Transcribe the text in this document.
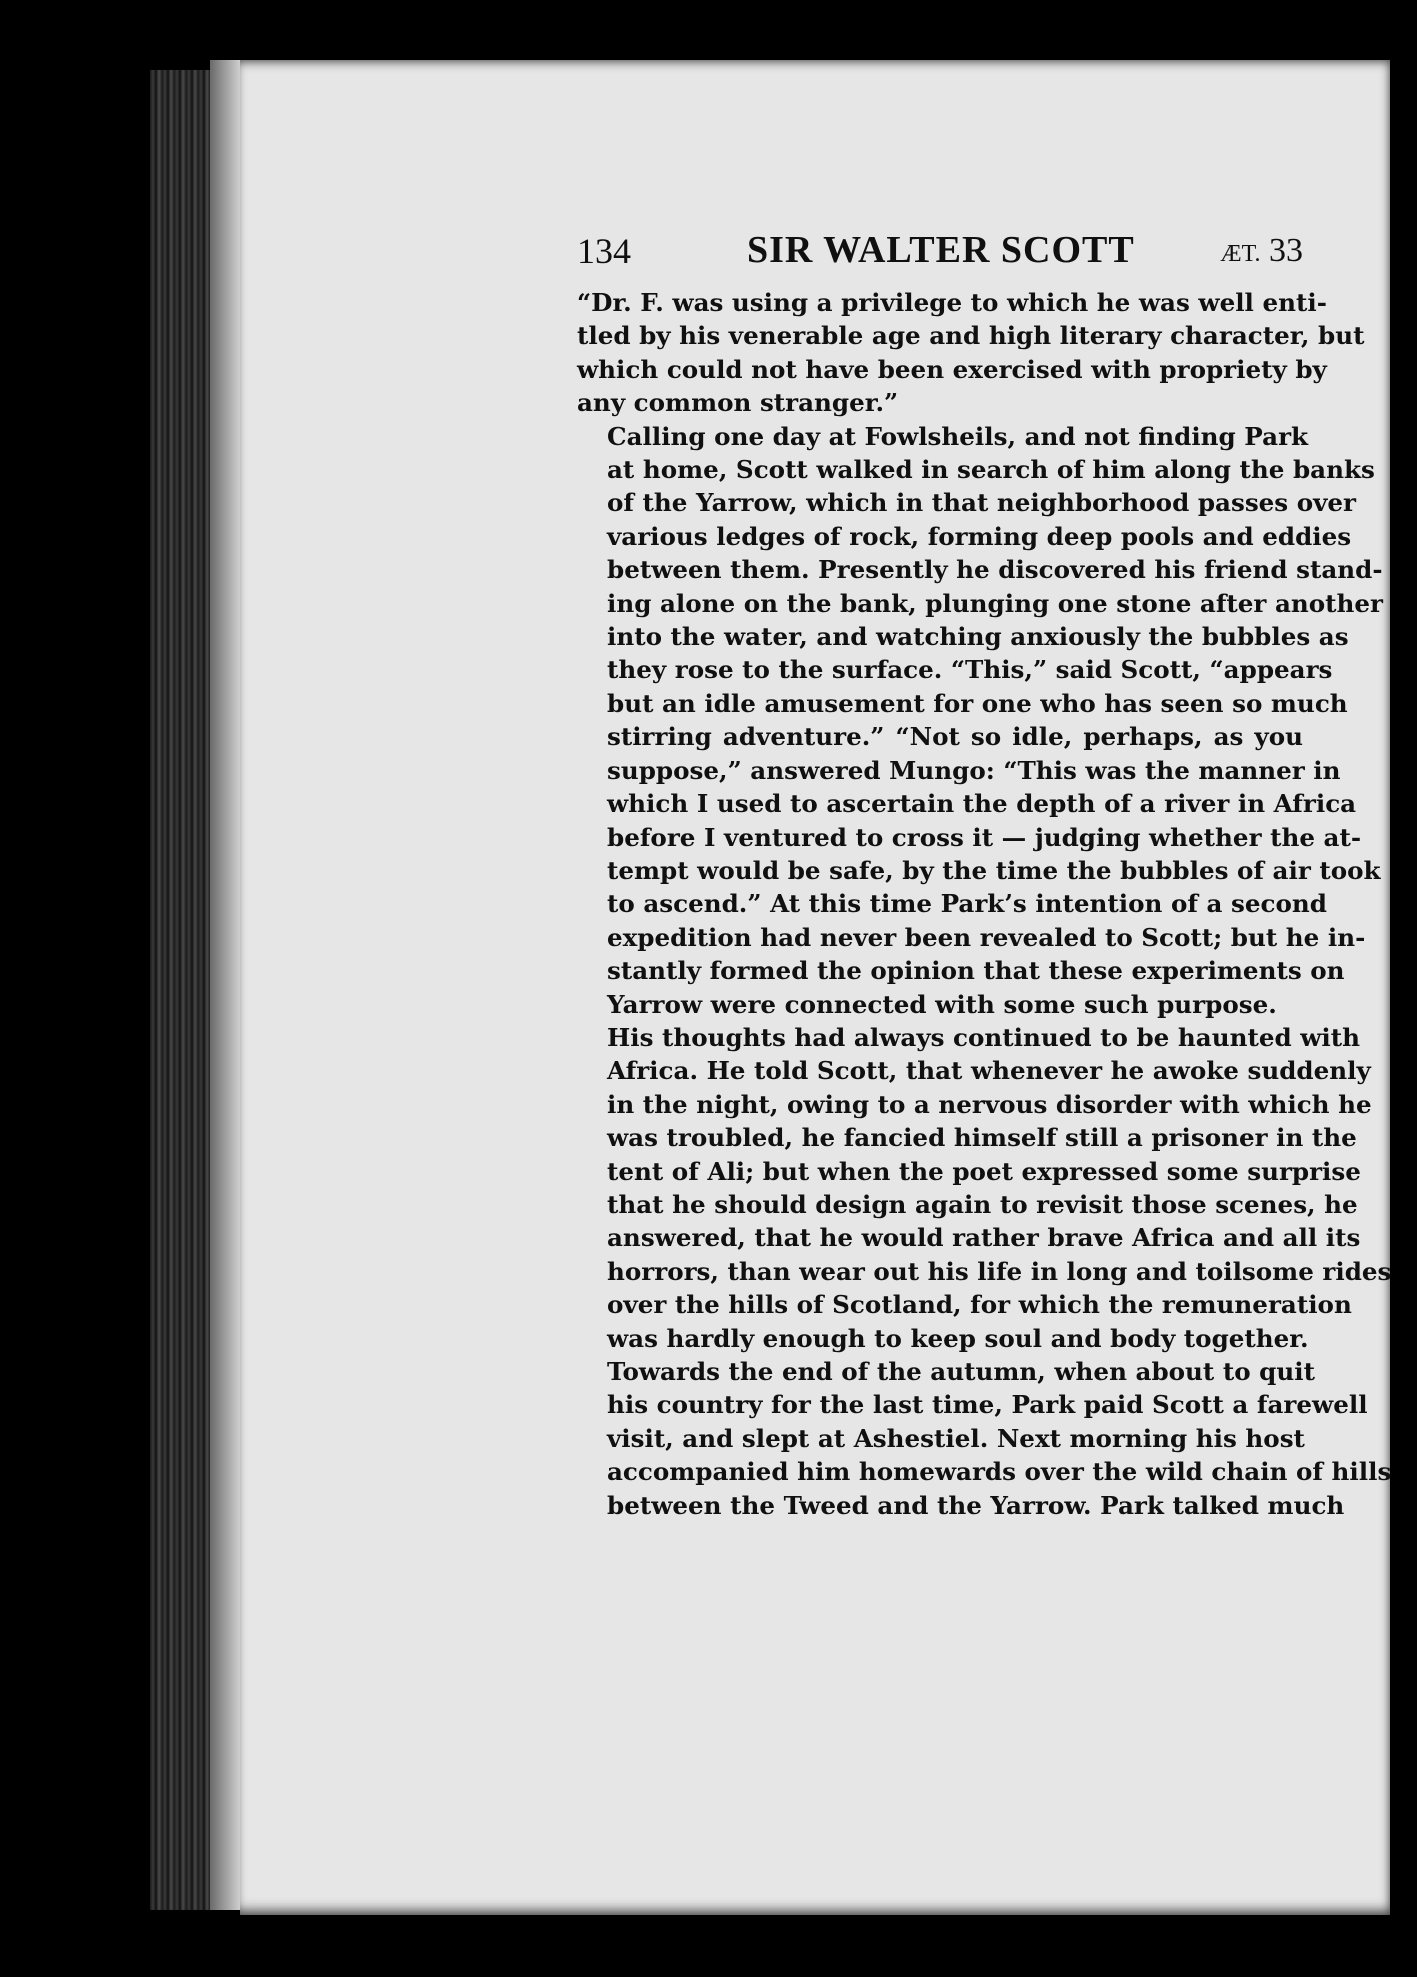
134	SIR WALTER SCOTT	ÆT. 33

“Dr. F. was using a privilege to which he was well enti-
tled by his venerable age and high literary character, but
which could not have been exercised with propriety by
any common stranger.”

Calling one day at Fowlsheils, and not finding Park
at home, Scott walked in search of him along the banks
of the Yarrow, which in that neighborhood passes over
various ledges of rock, forming deep pools and eddies
between them. Presently he discovered his friend stand-
ing alone on the bank, plunging one stone after another
into the water, and watching anxiously the bubbles as
they rose to the surface. “This,” said Scott, “appears
but an idle amusement for one who has seen so much
stirring adventure.” “Not so idle, perhaps, as you
suppose,” answered Mungo: “This was the manner in
which I used to ascertain the depth of a river in Africa
before I ventured to cross it — judging whether the at-
tempt would be safe, by the time the bubbles of air took
to ascend.” At this time Park’s intention of a second
expedition had never been revealed to Scott; but he in-
stantly formed the opinion that these experiments on
Yarrow were connected with some such purpose.

His thoughts had always continued to be haunted with
Africa. He told Scott, that whenever he awoke suddenly
in the night, owing to a nervous disorder with which he
was troubled, he fancied himself still a prisoner in the
tent of Ali; but when the poet expressed some surprise
that he should design again to revisit those scenes, he
answered, that he would rather brave Africa and all its
horrors, than wear out his life in long and toilsome rides
over the hills of Scotland, for which the remuneration
was hardly enough to keep soul and body together.

Towards the end of the autumn, when about to quit
his country for the last time, Park paid Scott a farewell
visit, and slept at Ashestiel. Next morning his host
accompanied him homewards over the wild chain of hills
between the Tweed and the Yarrow. Park talked much
